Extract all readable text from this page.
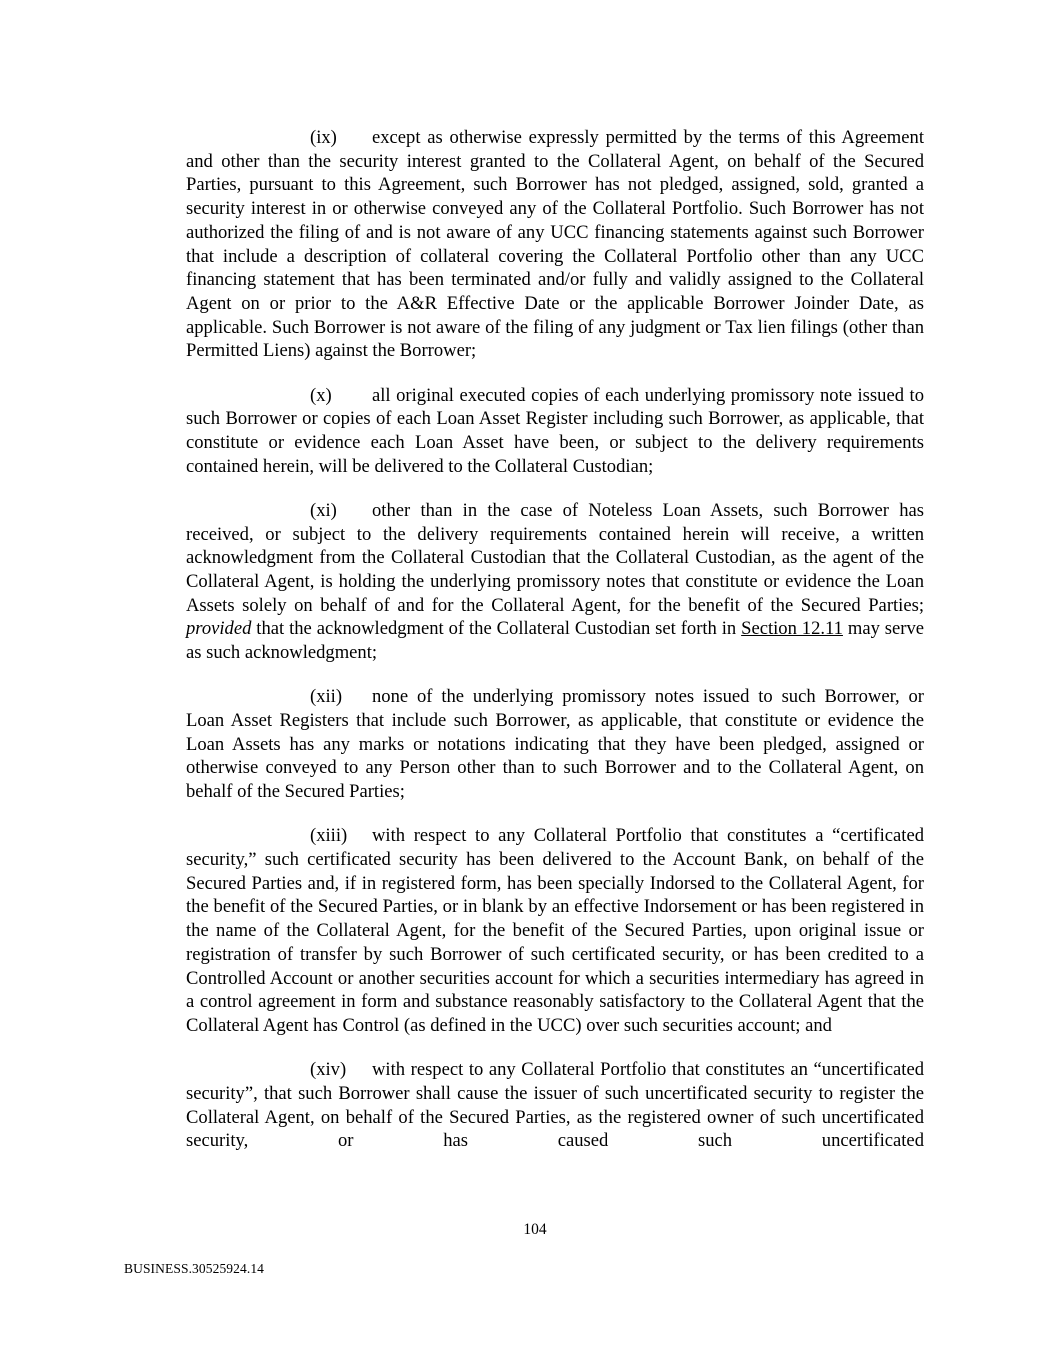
(ix) except as otherwise expressly permitted by the terms of this Agreement and other than the security interest granted to the Collateral Agent, on behalf of the Secured Parties, pursuant to this Agreement, such Borrower has not pledged, assigned, sold, granted a security interest in or otherwise conveyed any of the Collateral Portfolio. Such Borrower has not authorized the filing of and is not aware of any UCC financing statements against such Borrower that include a description of collateral covering the Collateral Portfolio other than any UCC financing statement that has been terminated and/or fully and validly assigned to the Collateral Agent on or prior to the A&R Effective Date or the applicable Borrower Joinder Date, as applicable. Such Borrower is not aware of the filing of any judgment or Tax lien filings (other than Permitted Liens) against the Borrower;

(x) all original executed copies of each underlying promissory note issued to such Borrower or copies of each Loan Asset Register including such Borrower, as applicable, that constitute or evidence each Loan Asset have been, or subject to the delivery requirements contained herein, will be delivered to the Collateral Custodian;

(xi) other than in the case of Noteless Loan Assets, such Borrower has received, or subject to the delivery requirements contained herein will receive, a written acknowledgment from the Collateral Custodian that the Collateral Custodian, as the agent of the Collateral Agent, is holding the underlying promissory notes that constitute or evidence the Loan Assets solely on behalf of and for the Collateral Agent, for the benefit of the Secured Parties; provided that the acknowledgment of the Collateral Custodian set forth in Section 12.11 may serve as such acknowledgment;

(xii) none of the underlying promissory notes issued to such Borrower, or Loan Asset Registers that include such Borrower, as applicable, that constitute or evidence the Loan Assets has any marks or notations indicating that they have been pledged, assigned or otherwise conveyed to any Person other than to such Borrower and to the Collateral Agent, on behalf of the Secured Parties;

(xiii) with respect to any Collateral Portfolio that constitutes a “certificated security,” such certificated security has been delivered to the Account Bank, on behalf of the Secured Parties and, if in registered form, has been specially Indorsed to the Collateral Agent, for the benefit of the Secured Parties, or in blank by an effective Indorsement or has been registered in the name of the Collateral Agent, for the benefit of the Secured Parties, upon original issue or registration of transfer by such Borrower of such certificated security, or has been credited to a Controlled Account or another securities account for which a securities intermediary has agreed in a control agreement in form and substance reasonably satisfactory to the Collateral Agent that the Collateral Agent has Control (as defined in the UCC) over such securities account; and

(xiv) with respect to any Collateral Portfolio that constitutes an “uncertificated security”, that such Borrower shall cause the issuer of such uncertificated security to register the Collateral Agent, on behalf of the Secured Parties, as the registered owner of such uncertificated security, or has caused such uncertificated

104
BUSINESS.30525924.14
